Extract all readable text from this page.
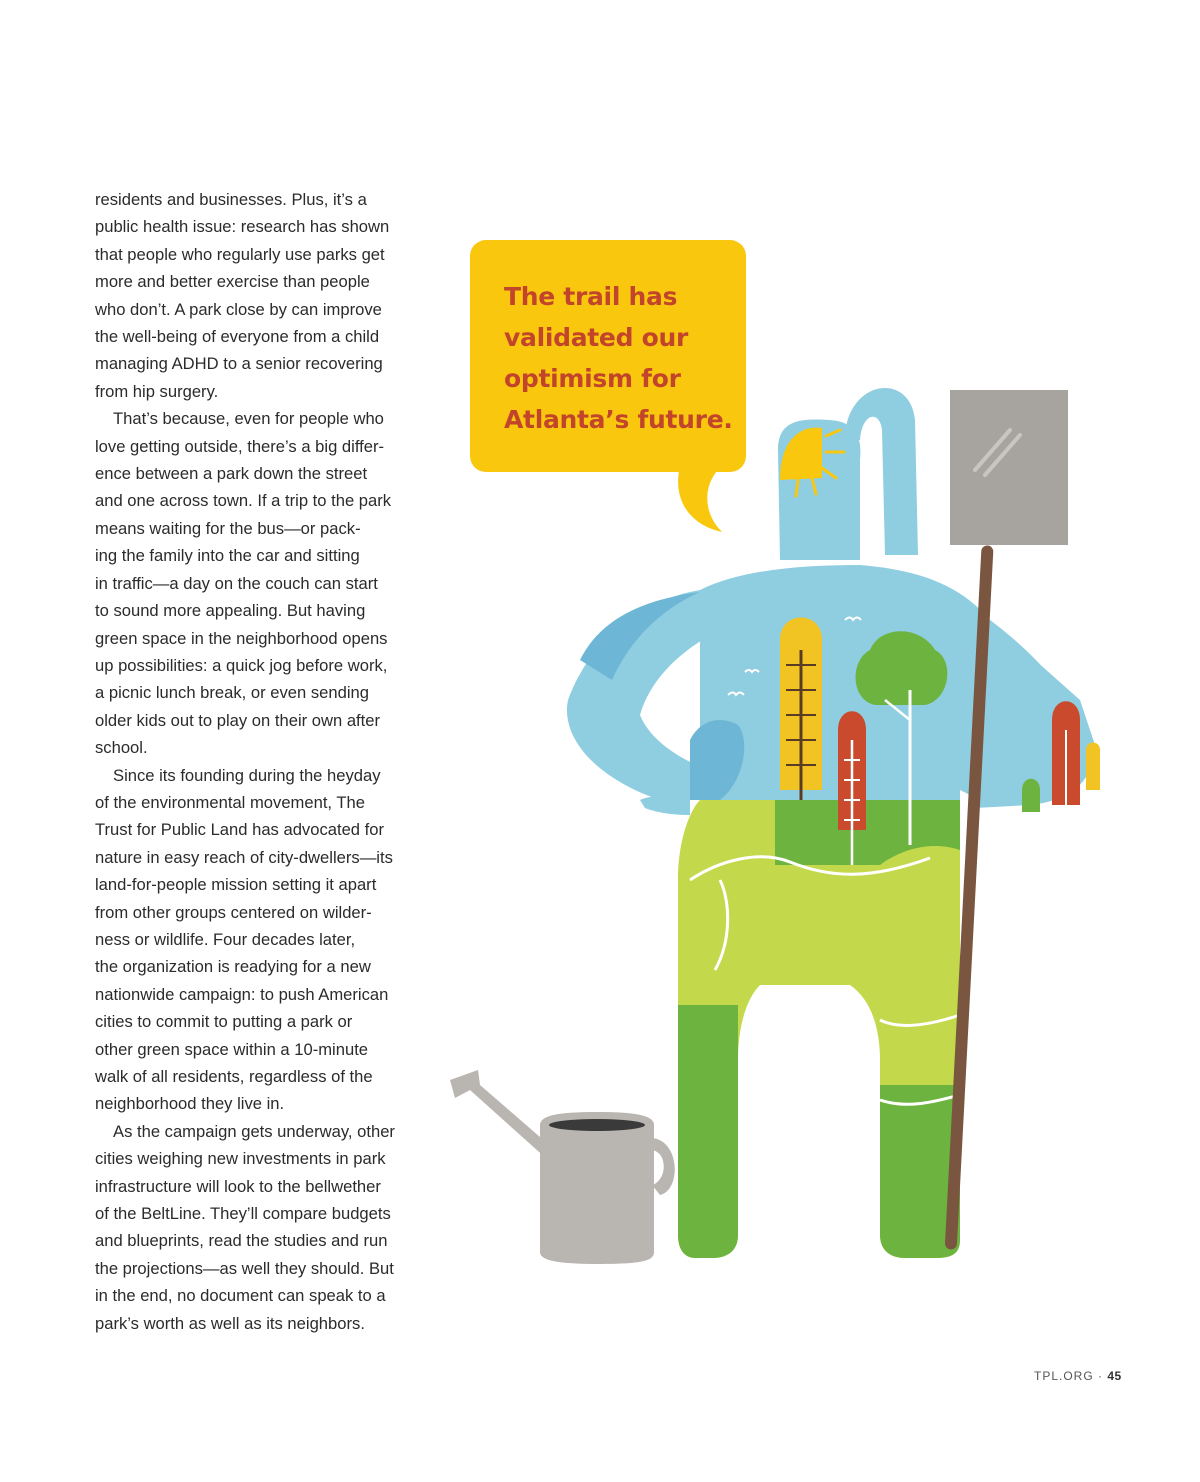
residents and businesses. Plus, it’s a
public health issue: research has shown
that people who regularly use parks get
more and better exercise than people
who don’t. A park close by can improve
the well-being of everyone from a child
managing ADHD to a senior recovering
from hip surgery.
That’s because, even for people who
love getting outside, there’s a big differ-
ence between a park down the street
and one across town. If a trip to the park
means waiting for the bus—or pack-
ing the family into the car and sitting
in traffic—a day on the couch can start
to sound more appealing. But having
green space in the neighborhood opens
up possibilities: a quick jog before work,
a picnic lunch break, or even sending
older kids out to play on their own after
school.
Since its founding during the heyday
of the environmental movement, The
Trust for Public Land has advocated for
nature in easy reach of city-dwellers—its
land-for-people mission setting it apart
from other groups centered on wilder-
ness or wildlife. Four decades later,
the organization is readying for a new
nationwide campaign: to push American
cities to commit to putting a park or
other green space within a 10-minute
walk of all residents, regardless of the
neighborhood they live in.
As the campaign gets underway, other
cities weighing new investments in park
infrastructure will look to the bellwether
of the BeltLine. They’ll compare budgets
and blueprints, read the studies and run
the projections—as well they should. But
in the end, no document can speak to a
park’s worth as well as its neighbors.
The trail has
validated our
optimism for
Atlanta’s future.
TPL.ORG · 45
